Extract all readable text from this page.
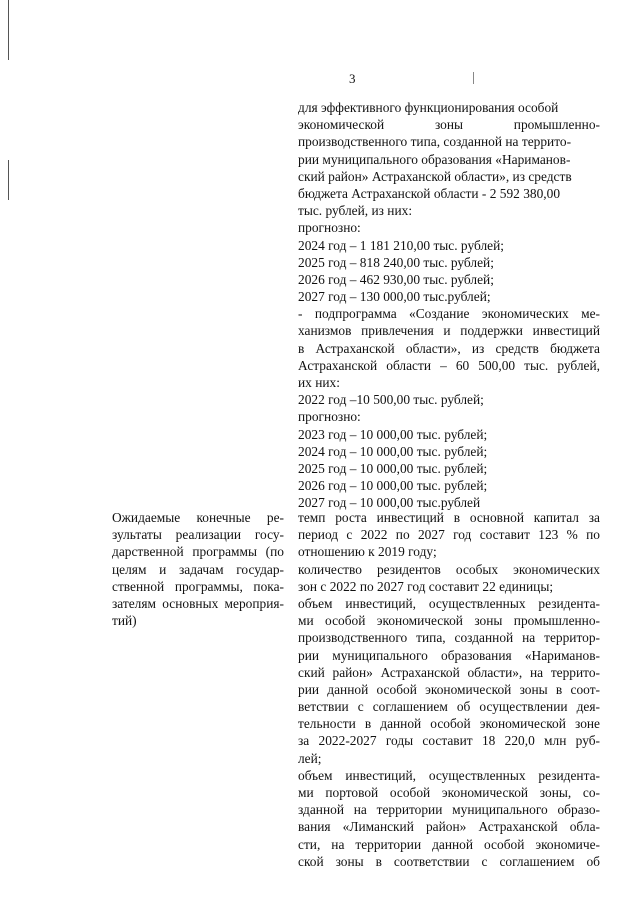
3
для эффективного функционирования особой
экономической зоны промышленно-
производственного типа, созданной на террито-
рии муниципального образования «Нариманов-
ский район» Астраханской области», из средств
бюджета Астраханской области - 2 592 380,00
тыс. рублей, из них:
прогнозно:
2024 год – 1 181 210,00 тыс. рублей;
2025 год – 818 240,00 тыс. рублей;
2026 год – 462 930,00 тыс. рублей;
2027 год – 130 000,00 тыс.рублей;
- подпрограмма «Создание экономических ме-
ханизмов привлечения и поддержки инвестиций
в Астраханской области», из средств бюджета
Астраханской области – 60 500,00 тыс. рублей,
их них:
2022 год –10 500,00 тыс. рублей;
прогнозно:
2023 год – 10 000,00 тыс. рублей;
2024 год – 10 000,00 тыс. рублей;
2025 год – 10 000,00 тыс. рублей;
2026 год – 10 000,00 тыс. рублей;
2027 год – 10 000,00 тыс.рублей
Ожидаемые конечные ре-
зультаты реализации госу-
дарственной программы (по
целям и задачам государ-
ственной программы, пока-
зателям основных мероприя-
тий)
темп роста инвестиций в основной капитал за
период с 2022 по 2027 год составит 123 % по
отношению к 2019 году;
количество резидентов особых экономических
зон с 2022 по 2027 год составит 22 единицы;
объем инвестиций, осуществленных резидента-
ми особой экономической зоны промышленно-
производственного типа, созданной на территор-
рии муниципального образования «Нариманов-
ский район» Астраханской области», на террито-
рии данной особой экономической зоны в соот-
ветствии с соглашением об осуществлении дея-
тельности в данной особой экономической зоне
за 2022-2027 годы составит 18 220,0 млн руб-
лей;
объем инвестиций, осуществленных резидента-
ми портовой особой экономической зоны, со-
зданной на территории муниципального образо-
вания «Лиманский район» Астраханской обла-
сти, на территории данной особой экономиче-
ской зоны в соответствии с соглашением об
